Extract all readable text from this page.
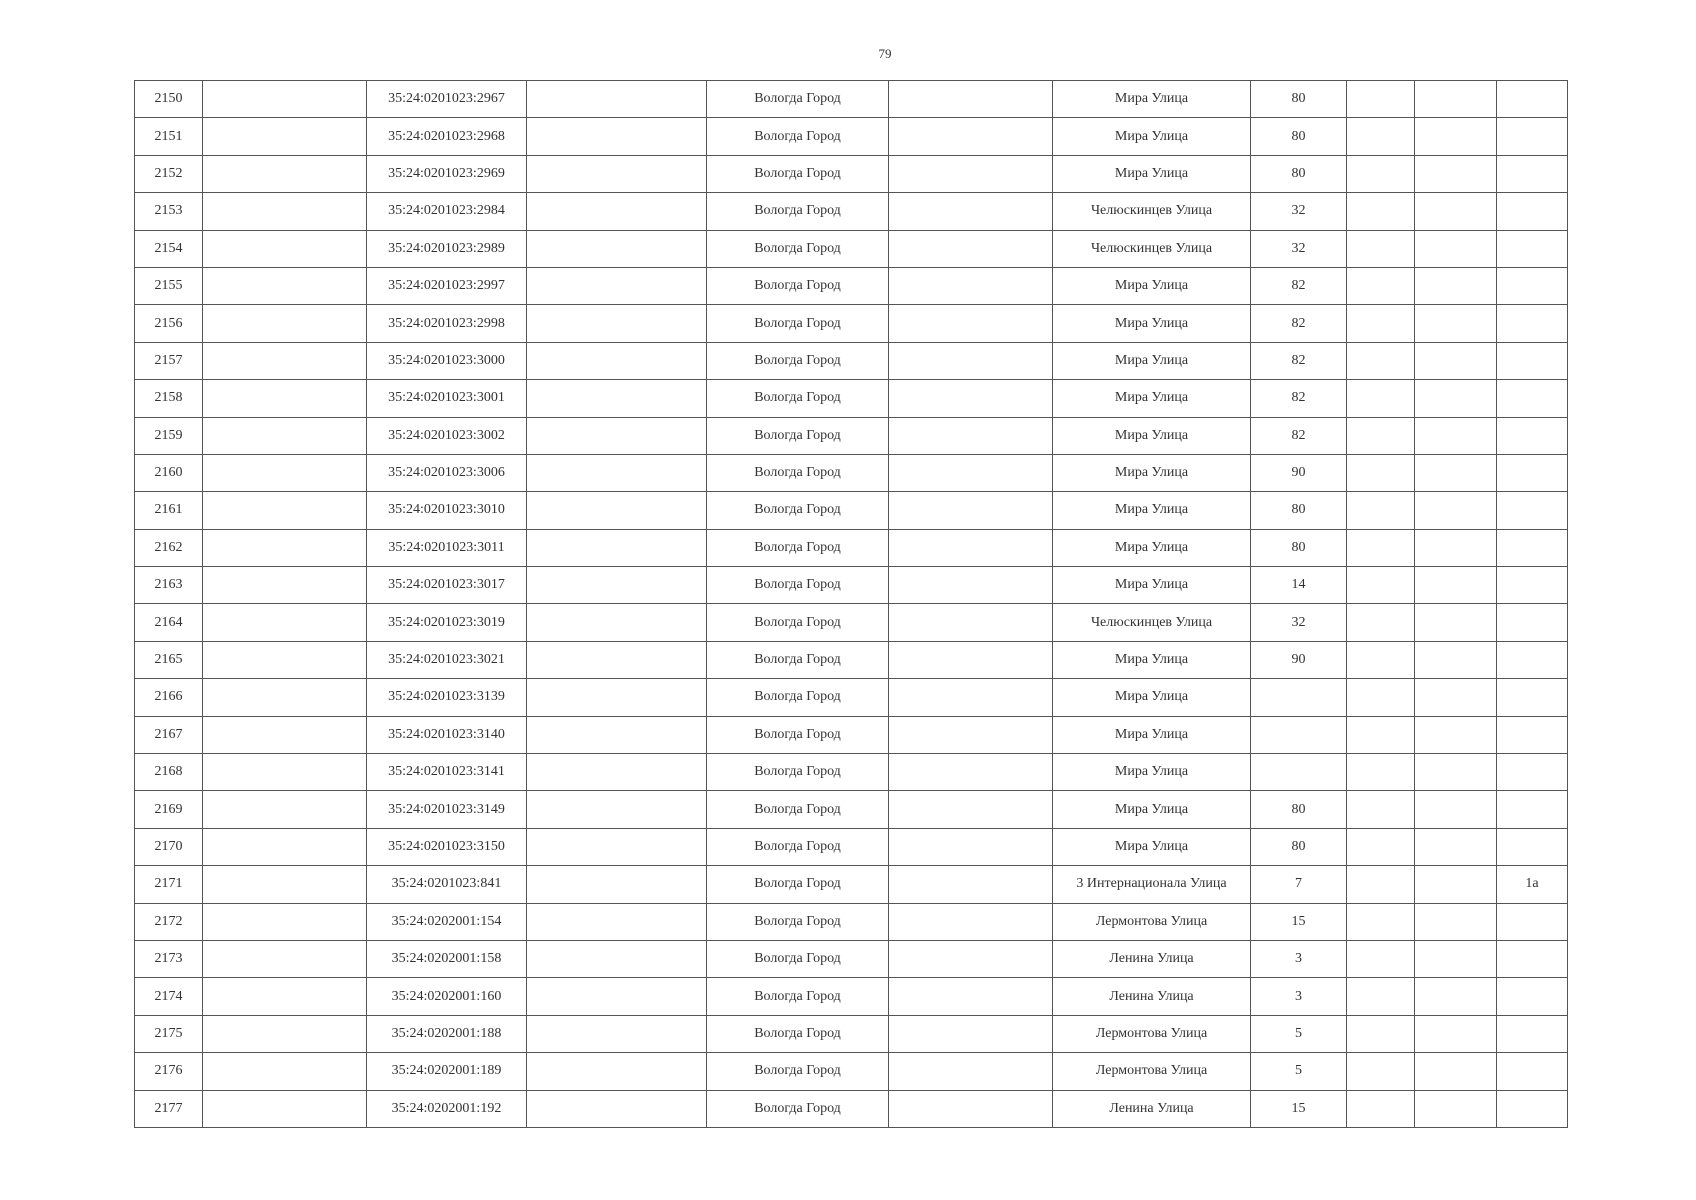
79
2150		35:24:0201023:2967		Вологда Город		Мира Улица	80			
2151		35:24:0201023:2968		Вологда Город		Мира Улица	80			
2152		35:24:0201023:2969		Вологда Город		Мира Улица	80			
2153		35:24:0201023:2984		Вологда Город		Челюскинцев Улица	32			
2154		35:24:0201023:2989		Вологда Город		Челюскинцев Улица	32			
2155		35:24:0201023:2997		Вологда Город		Мира Улица	82			
2156		35:24:0201023:2998		Вологда Город		Мира Улица	82			
2157		35:24:0201023:3000		Вологда Город		Мира Улица	82			
2158		35:24:0201023:3001		Вологда Город		Мира Улица	82			
2159		35:24:0201023:3002		Вологда Город		Мира Улица	82			
2160		35:24:0201023:3006		Вологда Город		Мира Улица	90			
2161		35:24:0201023:3010		Вологда Город		Мира Улица	80			
2162		35:24:0201023:3011		Вологда Город		Мира Улица	80			
2163		35:24:0201023:3017		Вологда Город		Мира Улица	14			
2164		35:24:0201023:3019		Вологда Город		Челюскинцев Улица	32			
2165		35:24:0201023:3021		Вологда Город		Мира Улица	90			
2166		35:24:0201023:3139		Вологда Город		Мира Улица				
2167		35:24:0201023:3140		Вологда Город		Мира Улица				
2168		35:24:0201023:3141		Вологда Город		Мира Улица				
2169		35:24:0201023:3149		Вологда Город		Мира Улица	80			
2170		35:24:0201023:3150		Вологда Город		Мира Улица	80			
2171		35:24:0201023:841		Вологда Город		3 Интернационала Улица	7			1а
2172		35:24:0202001:154		Вологда Город		Лермонтова Улица	15			
2173		35:24:0202001:158		Вологда Город		Ленина Улица	3			
2174		35:24:0202001:160		Вологда Город		Ленина Улица	3			
2175		35:24:0202001:188		Вологда Город		Лермонтова Улица	5			
2176		35:24:0202001:189		Вологда Город		Лермонтова Улица	5			
2177		35:24:0202001:192		Вологда Город		Ленина Улица	15			
